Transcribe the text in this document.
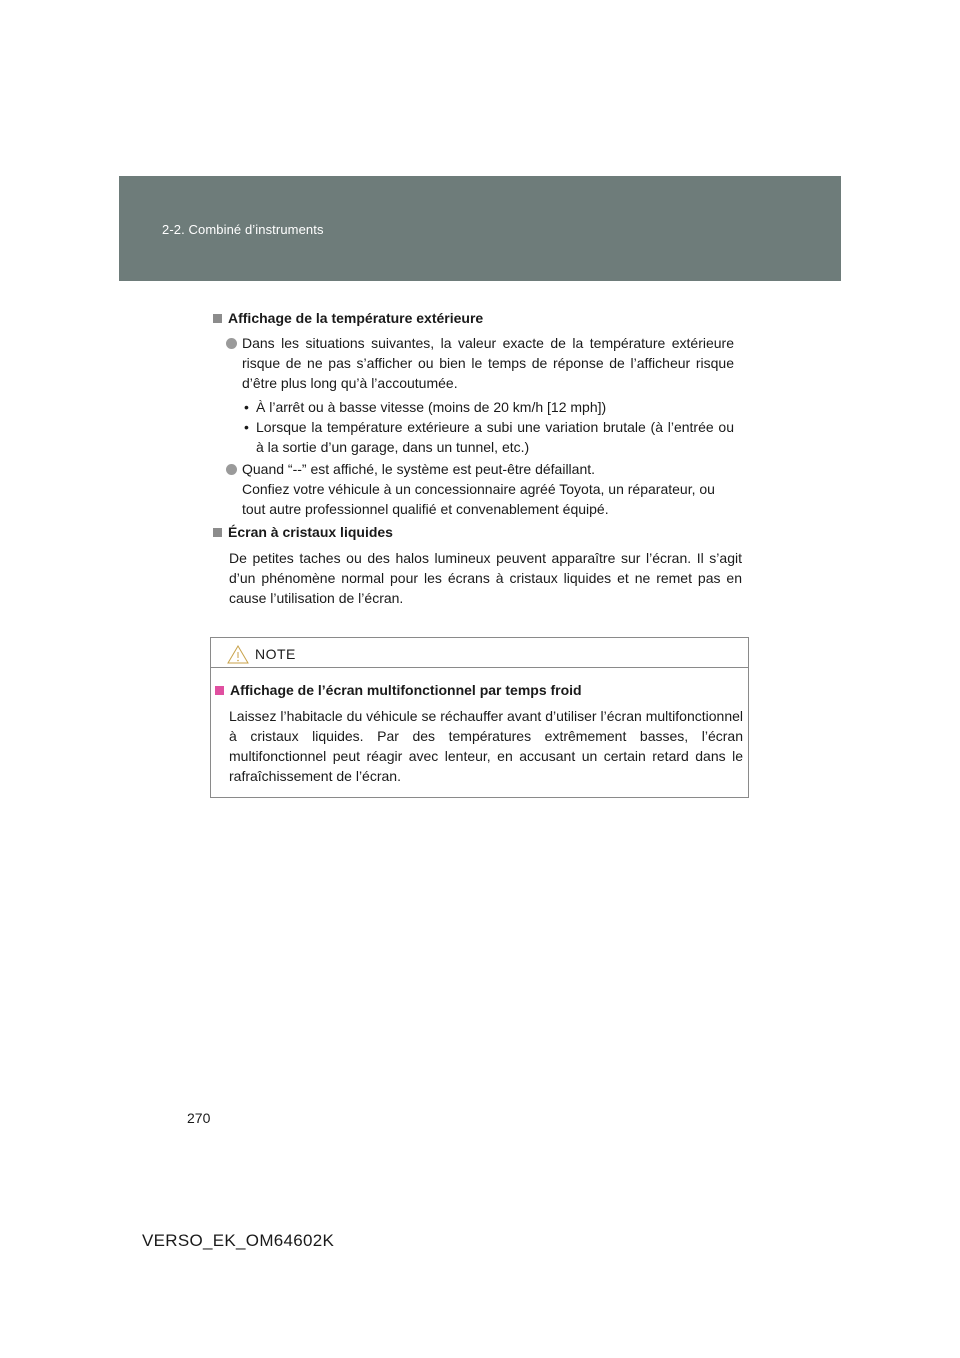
2-2. Combiné d’instruments
Affichage de la température extérieure
Dans les situations suivantes, la valeur exacte de la température extérieure risque de ne pas s’afficher ou bien le temps de réponse de l’afficheur risque d’être plus long qu’à l’accoutumée.
• À l’arrêt ou à basse vitesse (moins de 20 km/h [12 mph])
• Lorsque la température extérieure a subi une variation brutale (à l’entrée ou à la sortie d’un garage, dans un tunnel, etc.)
Quand “--” est affiché, le système est peut-être défaillant.
Confiez votre véhicule à un concessionnaire agréé Toyota, un réparateur, ou tout autre professionnel qualifié et convenablement équipé.
Écran à cristaux liquides
De petites taches ou des halos lumineux peuvent apparaître sur l’écran. Il s’agit d’un phénomène normal pour les écrans à cristaux liquides et ne remet pas en cause l’utilisation de l’écran.
NOTE
Affichage de l’écran multifonctionnel par temps froid
Laissez l’habitacle du véhicule se réchauffer avant d’utiliser l’écran multifonctionnel à cristaux liquides. Par des températures extrêmement basses, l’écran multifonctionnel peut réagir avec lenteur, en accusant un certain retard dans le rafraîchissement de l’écran.
270
VERSO_EK_OM64602K
